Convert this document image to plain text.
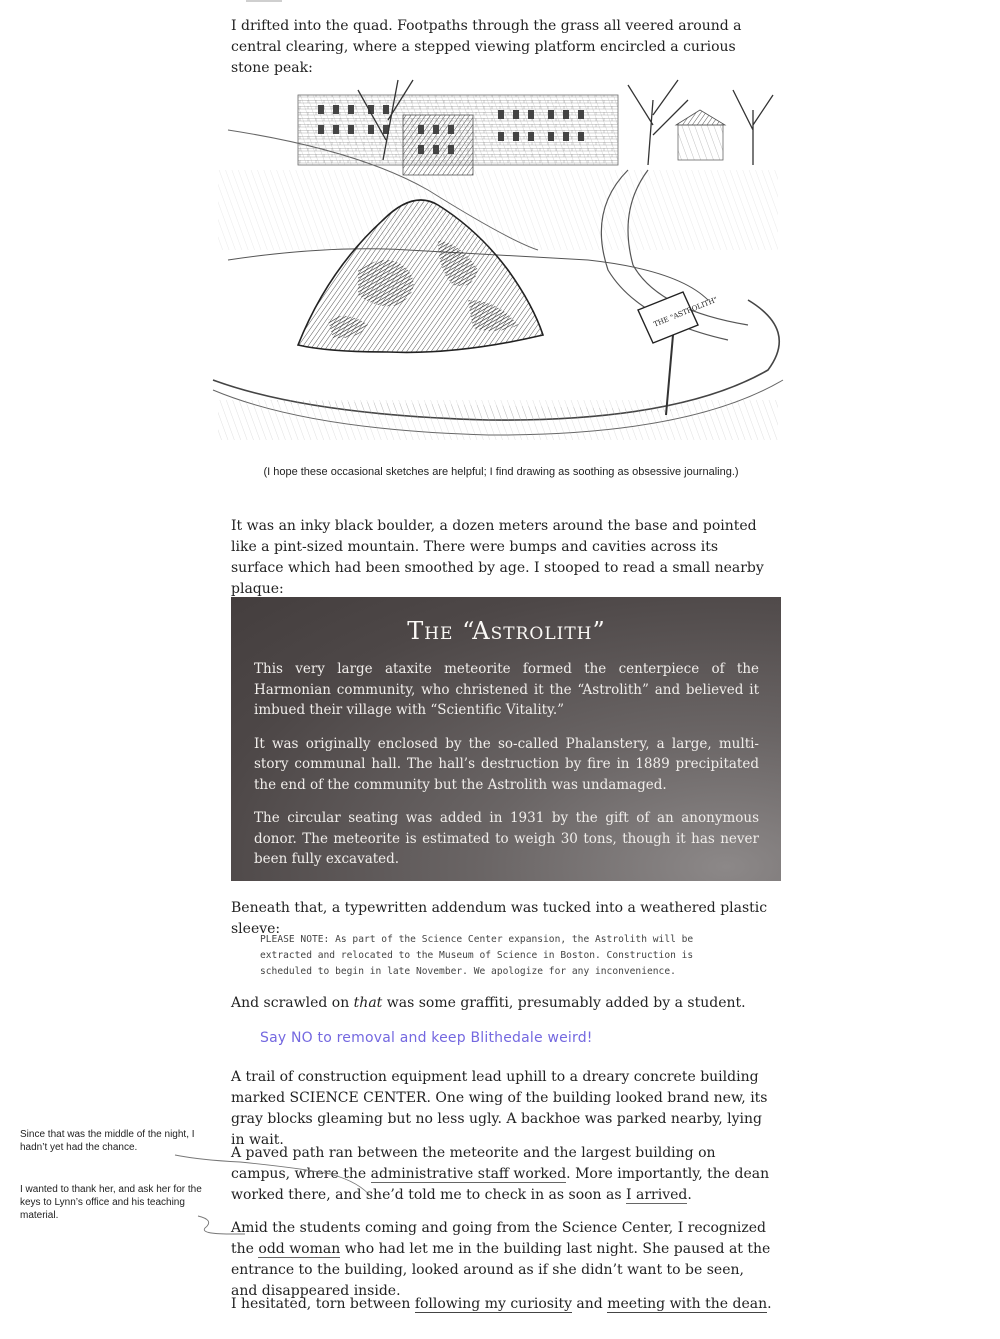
I drifted into the quad. Footpaths through the grass all veered around a central clearing, where a stepped viewing platform encircled a curious stone peak:

THE "ASTROLITH"
(I hope these occasional sketches are helpful; I find drawing as soothing as obsessive journaling.)

It was an inky black boulder, a dozen meters around the base and pointed like a pint-sized mountain. There were bumps and cavities across its surface which had been smoothed by age. I stooped to read a small nearby plaque:

The “Astrolith”

This very large ataxite meteorite formed the centerpiece of the Harmonian community, who christened it the “Astrolith” and believed it imbued their village with “Scientific Vitality.”

It was originally enclosed by the so-called Phalanstery, a large, multi-story communal hall. The hall’s destruction by fire in 1889 precipitated the end of the community but the Astrolith was undamaged.

The circular seating was added in 1931 by the gift of an anonymous donor. The meteorite is estimated to weigh 30 tons, though it has never been fully excavated.

Beneath that, a typewritten addendum was tucked into a weathered plastic sleeve:

PLEASE NOTE: As part of the Science Center expansion, the Astrolith will be
extracted and relocated to the Museum of Science in Boston. Construction is
scheduled to begin in late November. We apologize for any inconvenience.

And scrawled on that was some graffiti, presumably added by a student.

Say NO to removal and keep Blithedale weird!

A trail of construction equipment lead uphill to a dreary concrete building marked SCIENCE CENTER. One wing of the building looked brand new, its gray blocks gleaming but no less ugly. A backhoe was parked nearby, lying in wait.

A paved path ran between the meteorite and the largest building on campus, where the administrative staff worked. More importantly, the dean worked there, and she’d told me to check in as soon as I arrived.

Amid the students coming and going from the Science Center, I recognized the odd woman who had let me in the building last night. She paused at the entrance to the building, looked around as if she didn’t want to be seen, and disappeared inside.

I hesitated, torn between following my curiosity and meeting with the dean.

Since that was the middle of the night, I hadn’t yet had the chance.
I wanted to thank her, and ask her for the keys to Lynn’s office and his teaching material.
